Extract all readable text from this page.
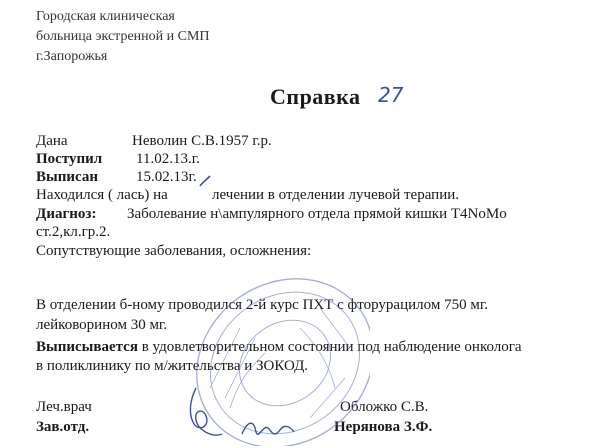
Городская клиническая
больница экстренной и СМП
г.Запорожья
Справка 27
Дана	Неволин С.В.1957 г.р.
Поступил 11.02.13.г.
Выписан	15.02.13г.
Находился ( лась) на	лечении в отделении лучевой терапии.
Диагноз: Заболевание н\ампулярного отдела прямой кишки Т4NоMо
ст.2,кл.гр.2.
Сопутствующие заболевания, осложнения:
В отделении б-ному проводился 2-й курс ПХТ с фторурацилом 750 мг.
лейковорином 30 мг.
Выписывается в удовлетворительном состоянии под наблюдение онколога
в поликлинику по м/жительства и ЗОКОД.
Леч.врач	Обложко С.В.
Зав.отд.	Нерянова З.Ф.
